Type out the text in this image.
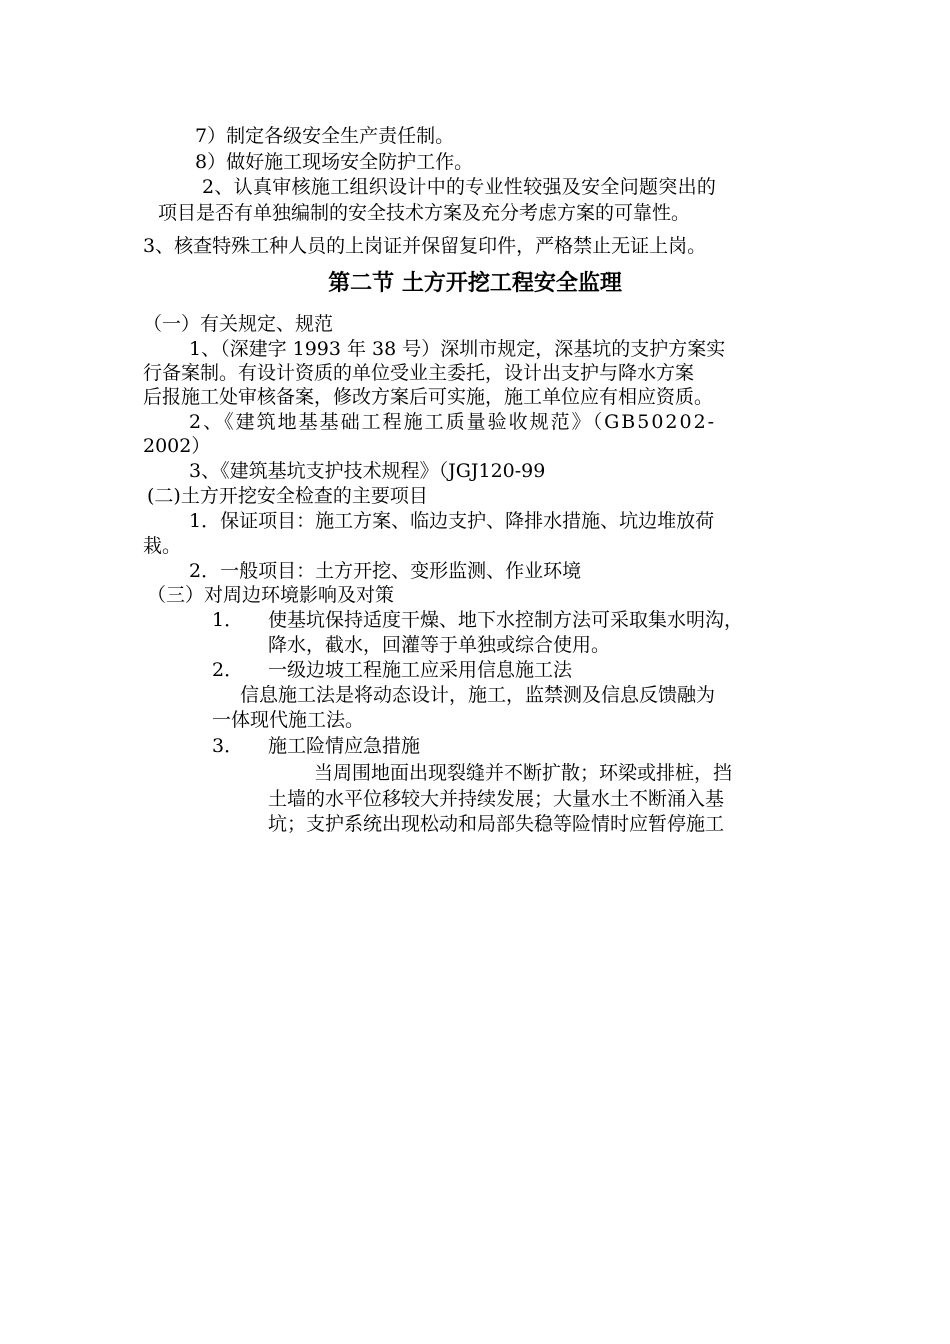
7）制定各级安全生产责任制。
8）做好施工现场安全防护工作。
2、认真审核施工组织设计中的专业性较强及安全问题突出的
项目是否有单独编制的安全技术方案及充分考虑方案的可靠性。
3、核查特殊工种人员的上岗证并保留复印件，严格禁止无证上岗。
第二节 土方开挖工程安全监理
（一）有关规定、规范
1、（深建字 1993 年 38 号）深圳市规定，深基坑的支护方案实
行备案制。有设计资质的单位受业主委托，设计出支护与降水方案
后报施工处审核备案，修改方案后可实施，施工单位应有相应资质。
2、《建筑地基基础工程施工质量验收规范》（GB50202-
2002）
3、《建筑基坑支护技术规程》（JGJ120-99
(二)土方开挖安全检查的主要项目
1．保证项目：施工方案、临边支护、降排水措施、坑边堆放荷
栽。
2．一般项目：土方开挖、变形监测、作业环境
（三）对周边环境影响及对策
1． 使基坑保持适度干燥、地下水控制方法可采取集水明沟，
降水，截水，回灌等于单独或综合使用。
2． 一级边坡工程施工应采用信息施工法
信息施工法是将动态设计，施工，监禁测及信息反馈融为
一体现代施工法。
3． 施工险情应急措施
当周围地面出现裂缝并不断扩散；环梁或排桩，挡
土墙的水平位移较大并持续发展；大量水土不断涌入基
坑；支护系统出现松动和局部失稳等险情时应暂停施工
